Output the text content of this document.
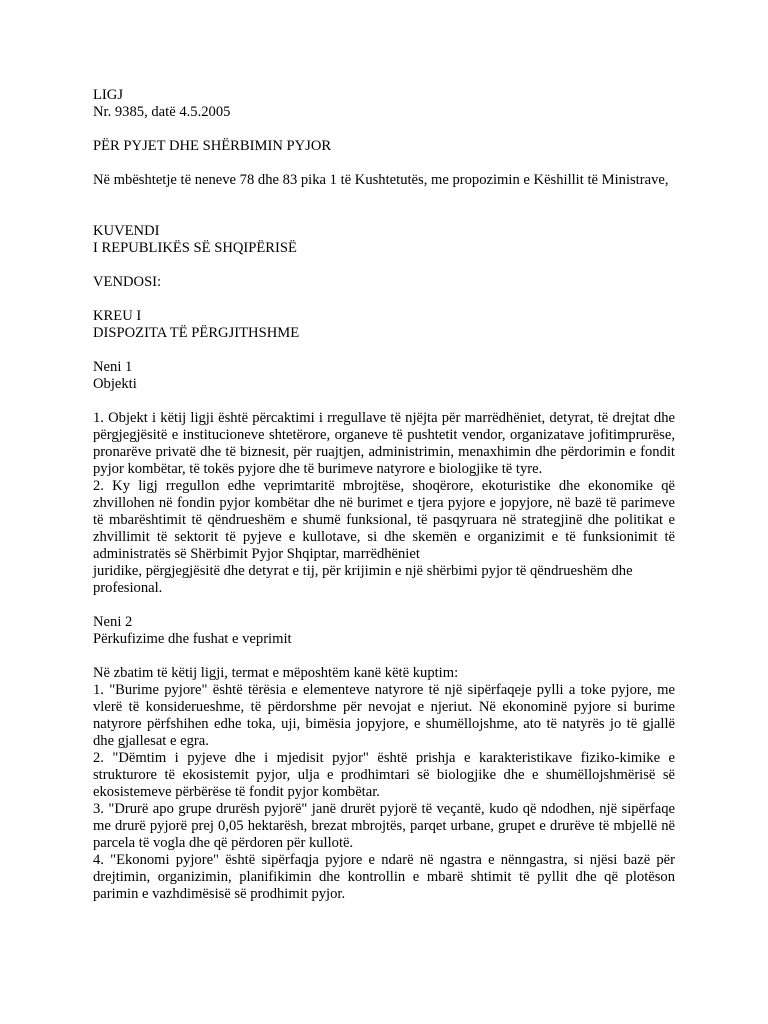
LIGJ
Nr. 9385, datë 4.5.2005
PËR PYJET DHE SHËRBIMIN PYJOR
Në mbështetje të neneve 78 dhe 83 pika 1 të Kushtetutës, me propozimin e Këshillit të Ministrave,
KUVENDI
I REPUBLIKËS SË SHQIPËRISË
VENDOSI:
KREU I
DISPOZITA TË PËRGJITHSHME
Neni 1
Objekti
1. Objekt i këtij ligji është përcaktimi i rregullave të njëjta për marrëdhëniet, detyrat, të drejtat dhe përgjegjësitë e institucioneve shtetërore, organeve të pushtetit vendor, organizatave jofitimprurëse, pronarëve privatë dhe të biznesit, për ruajtjen, administrimin, menaxhimin dhe përdorimin e fondit pyjor kombëtar, të tokës pyjore dhe të burimeve natyrore e biologjike të tyre.
2. Ky ligj rregullon edhe veprimtaritë mbrojtëse, shoqërore, ekoturistike dhe ekonomike që zhvillohen në fondin pyjor kombëtar dhe në burimet e tjera pyjore e jopyjore, në bazë të parimeve të mbarështimit të qëndrueshëm e shumë funksional, të pasqyruara në strategjinë dhe politikat e zhvillimit të sektorit të pyjeve e kullotave, si dhe skemën e organizimit e të funksionimit të administratës së Shërbimit Pyjor Shqiptar, marrëdhëniet
juridike, përgjegjësitë dhe detyrat e tij, për krijimin e një shërbimi pyjor të qëndrueshëm dhe profesional.
Neni 2
Përkufizime dhe fushat e veprimit
Në zbatim të këtij ligji, termat e mëposhtëm kanë këtë kuptim:
1. "Burime pyjore" është tërësia e elementeve natyrore të një sipërfaqeje pylli a toke pyjore, me vlerë të konsiderueshme, të përdorshme për nevojat e njeriut. Në ekonominë pyjore si burime natyrore përfshihen edhe toka, uji, bimësia jopyjore, e shumëllojshme, ato të natyrës jo të gjallë dhe gjallesat e egra.
2. "Dëmtim i pyjeve dhe i mjedisit pyjor" është prishja e karakteristikave fiziko-kimike e strukturore të ekosistemit pyjor, ulja e prodhimtari së biologjike dhe e shumëllojshmërisë së ekosistemeve përbërëse të fondit pyjor kombëtar.
3. "Drurë apo grupe drurësh pyjorë" janë drurët pyjorë të veçantë, kudo që ndodhen, një sipërfaqe me drurë pyjorë prej 0,05 hektarësh, brezat mbrojtës, parqet urbane, grupet e drurëve të mbjellë në parcela të vogla dhe që përdoren për kullotë.
4. "Ekonomi pyjore" është sipërfaqja pyjore e ndarë në ngastra e nënngastra, si njësi bazë për drejtimin, organizimin, planifikimin dhe kontrollin e mbarë shtimit të pyllit dhe që plotëson parimin e vazhdimësisë së prodhimit pyjor.
